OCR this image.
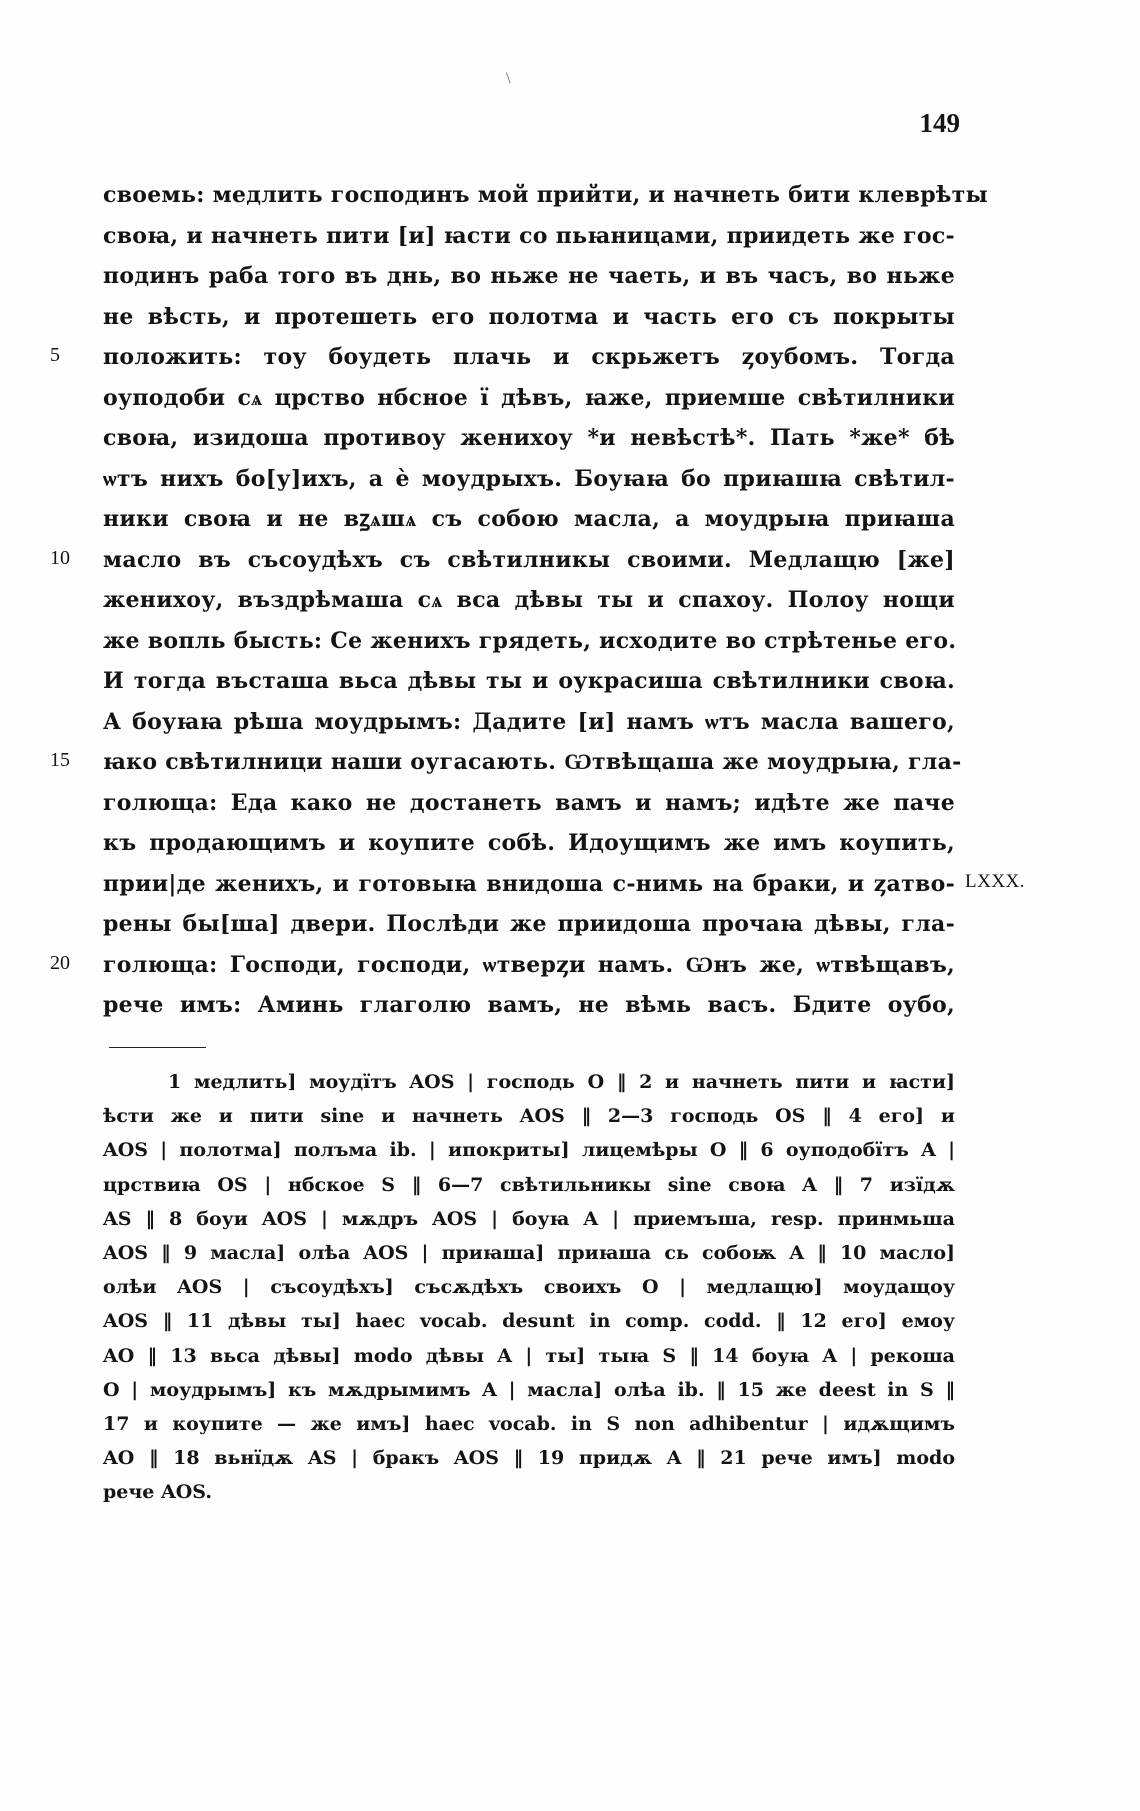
149
\
своемь: медлить господинъ мой прийти, и начнеть бити клеврѣты
своꙗ, и начнеть пити [и] ꙗсти со пьꙗницами, приидеть же гос-
подинъ раба того въ днь, во ньже не чаеть, и въ часъ, во ньже
не вѣсть, и протешеть его полотма и часть его съ покрыты
5	положить: тоу боудеть плачь и скрьжетъ ȥоубомъ. Тогда
оуподоби сѧ црство нбсное ї дѣвъ, ꙗже, приемше свѣтилники
своꙗ, изидоша противоу женихоу *и невѣстѣ*. Пать *же* бѣ
ѡтъ нихъ бо[у]ихъ, а ѐ моудрыхъ. Боуꙗꙗ бо приꙗшꙗ свѣтил-
ники своꙗ и не вꙁѧшѧ съ собою масла, а моудрыꙗ приꙗша
10	масло въ съсоудѣхъ съ свѣтилникы своими. Медлащю [же]
женихоу, въздрѣмаша сѧ вса дѣвы ты и спахоу. Полоу нощи
же вопль бысть: Се женихъ грядеть, исходите во стрѣтенье его.
И тогда въсташа вьса дѣвы ты и оукрасиша свѣтилники своꙗ.
А боуꙗꙗ рѣша моудрымъ: Дадите [и] намъ ѡтъ масла вашего,
15	ꙗко свѣтилници наши оугасають. Ѡтвѣщаша же моудрыꙗ, гла-
голюща: Еда како не достанеть вамъ и намъ; идѣте же паче
къ продающимъ и коупите собѣ. Идоущимъ же имъ коупить,
прии|де женихъ, и готовыꙗ внидоша с-нимь на браки, и ȥатво- LXXX.
рены бы[ша] двери. Послѣди же приидоша прочаꙗ дѣвы, гла-
20	голюща: Господи, господи, ѡтверȥи намъ. Ѡнъ же, ѡтвѣщавъ,
рече имъ: Аминь глаголю вамъ, не вѣмь васъ. Бдите оубо,
1 медлить] моудїтъ AOS | господь O ‖ 2 и начнеть пити и ꙗсти]
ѣсти же и пити sine и начнеть AOS ‖ 2—3 господь OS ‖ 4 его] и
AOS | полотма] полъма ib. | ипокриты] лицемѣры O ‖ 6 оуподобїтъ A |
црствиꙗ OS | нбское S ‖ 6—7 свѣтильникы sine своꙗ A ‖ 7 изїдѫ
AS ‖ 8 боуи AOS | мѫдръ AOS | боуꙗ A | приемъша, resp. принмьша
AOS ‖ 9 масла] олѣа AOS | приꙗша] приꙗша сь собоѭ A ‖ 10 масло]
олѣи AOS | съсоудѣхъ] съсѫдѣхъ своихъ O | медлащю] моудащоу
AOS ‖ 11 дѣвы ты] haec vocab. desunt in comp. codd. ‖ 12 его] емоу
AO ‖ 13 вьса дѣвы] modo дѣвы A | ты] тыꙗ S ‖ 14 боуꙗ A | рекоша
O | моудрымъ] къ мѫдрымимъ A | масла] олѣа ib. ‖ 15 же deest in S ‖
17 и коупите — же имъ] haec vocab. in S non adhibentur | идѫщимъ
AO ‖ 18 вьнїдѫ AS | бракъ AOS ‖ 19 придѫ A ‖ 21 рече имъ] modo
рече AOS.
